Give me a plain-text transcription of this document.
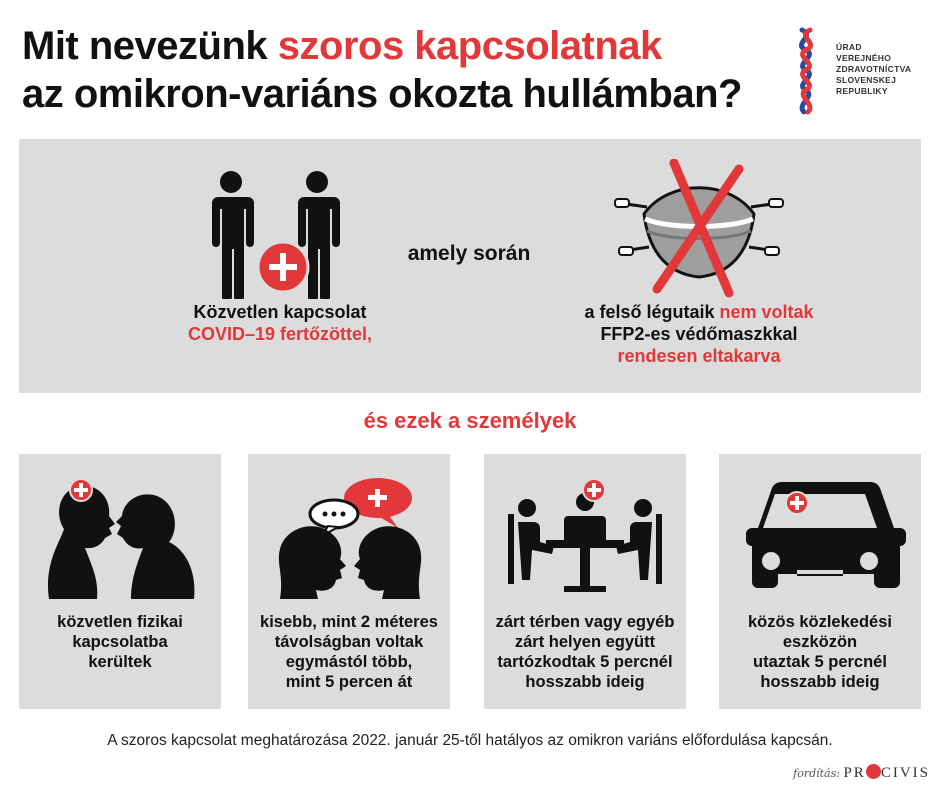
Mit nevezünk szoros kapcsolatnak
az omikron-variáns okozta hullámban?
ÚRAD
VEREJNÉHO
ZDRAVOTNÍCTVA
SLOVENSKEJ
REPUBLIKY
Közvetlen kapcsolat
COVID–19 fertőzöttel,
amely során
a felső légutaik nem voltak
FFP2-es védőmaszkkal
rendesen eltakarva
és ezek a személyek
közvetlen fizikai
kapcsolatba
kerültek
kisebb, mint 2 méteres
távolságban voltak
egymástól több,
mint 5 percen át
zárt térben vagy egyéb
zárt helyen együtt
tartózkodtak 5 percnél
hosszabb ideig
közös közlekedési
eszközön
utaztak 5 percnél
hosszabb ideig
A szoros kapcsolat meghatározása 2022. január 25-től hatályos az omikron variáns előfordulása kapcsán.
fordítás: PR CIVIS
